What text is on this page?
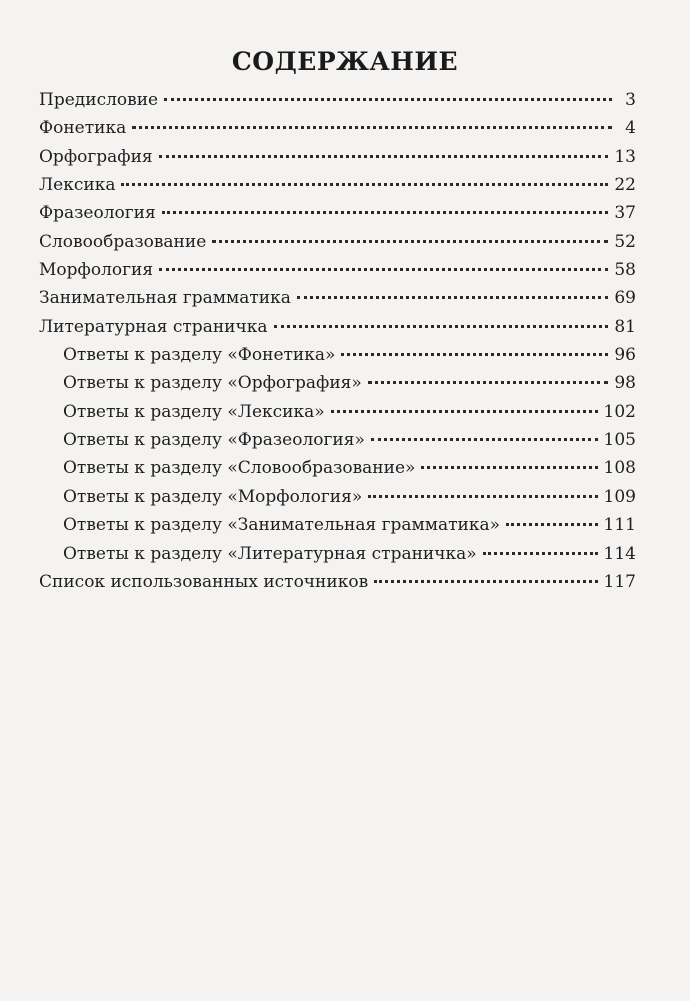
СОДЕРЖАНИЕ
Предисловие	3
Фонетика	4
Орфография	13
Лексика	22
Фразеология	37
Словообразование	52
Морфология	58
Занимательная грамматика	69
Литературная страничка	81
Ответы к разделу «Фонетика»	96
Ответы к разделу «Орфография»	98
Ответы к разделу «Лексика»	102
Ответы к разделу «Фразеология»	105
Ответы к разделу «Словообразование»	108
Ответы к разделу «Морфология»	109
Ответы к разделу «Занимательная грамматика»	111
Ответы к разделу «Литературная страничка»	114
Список использованных источников	117
